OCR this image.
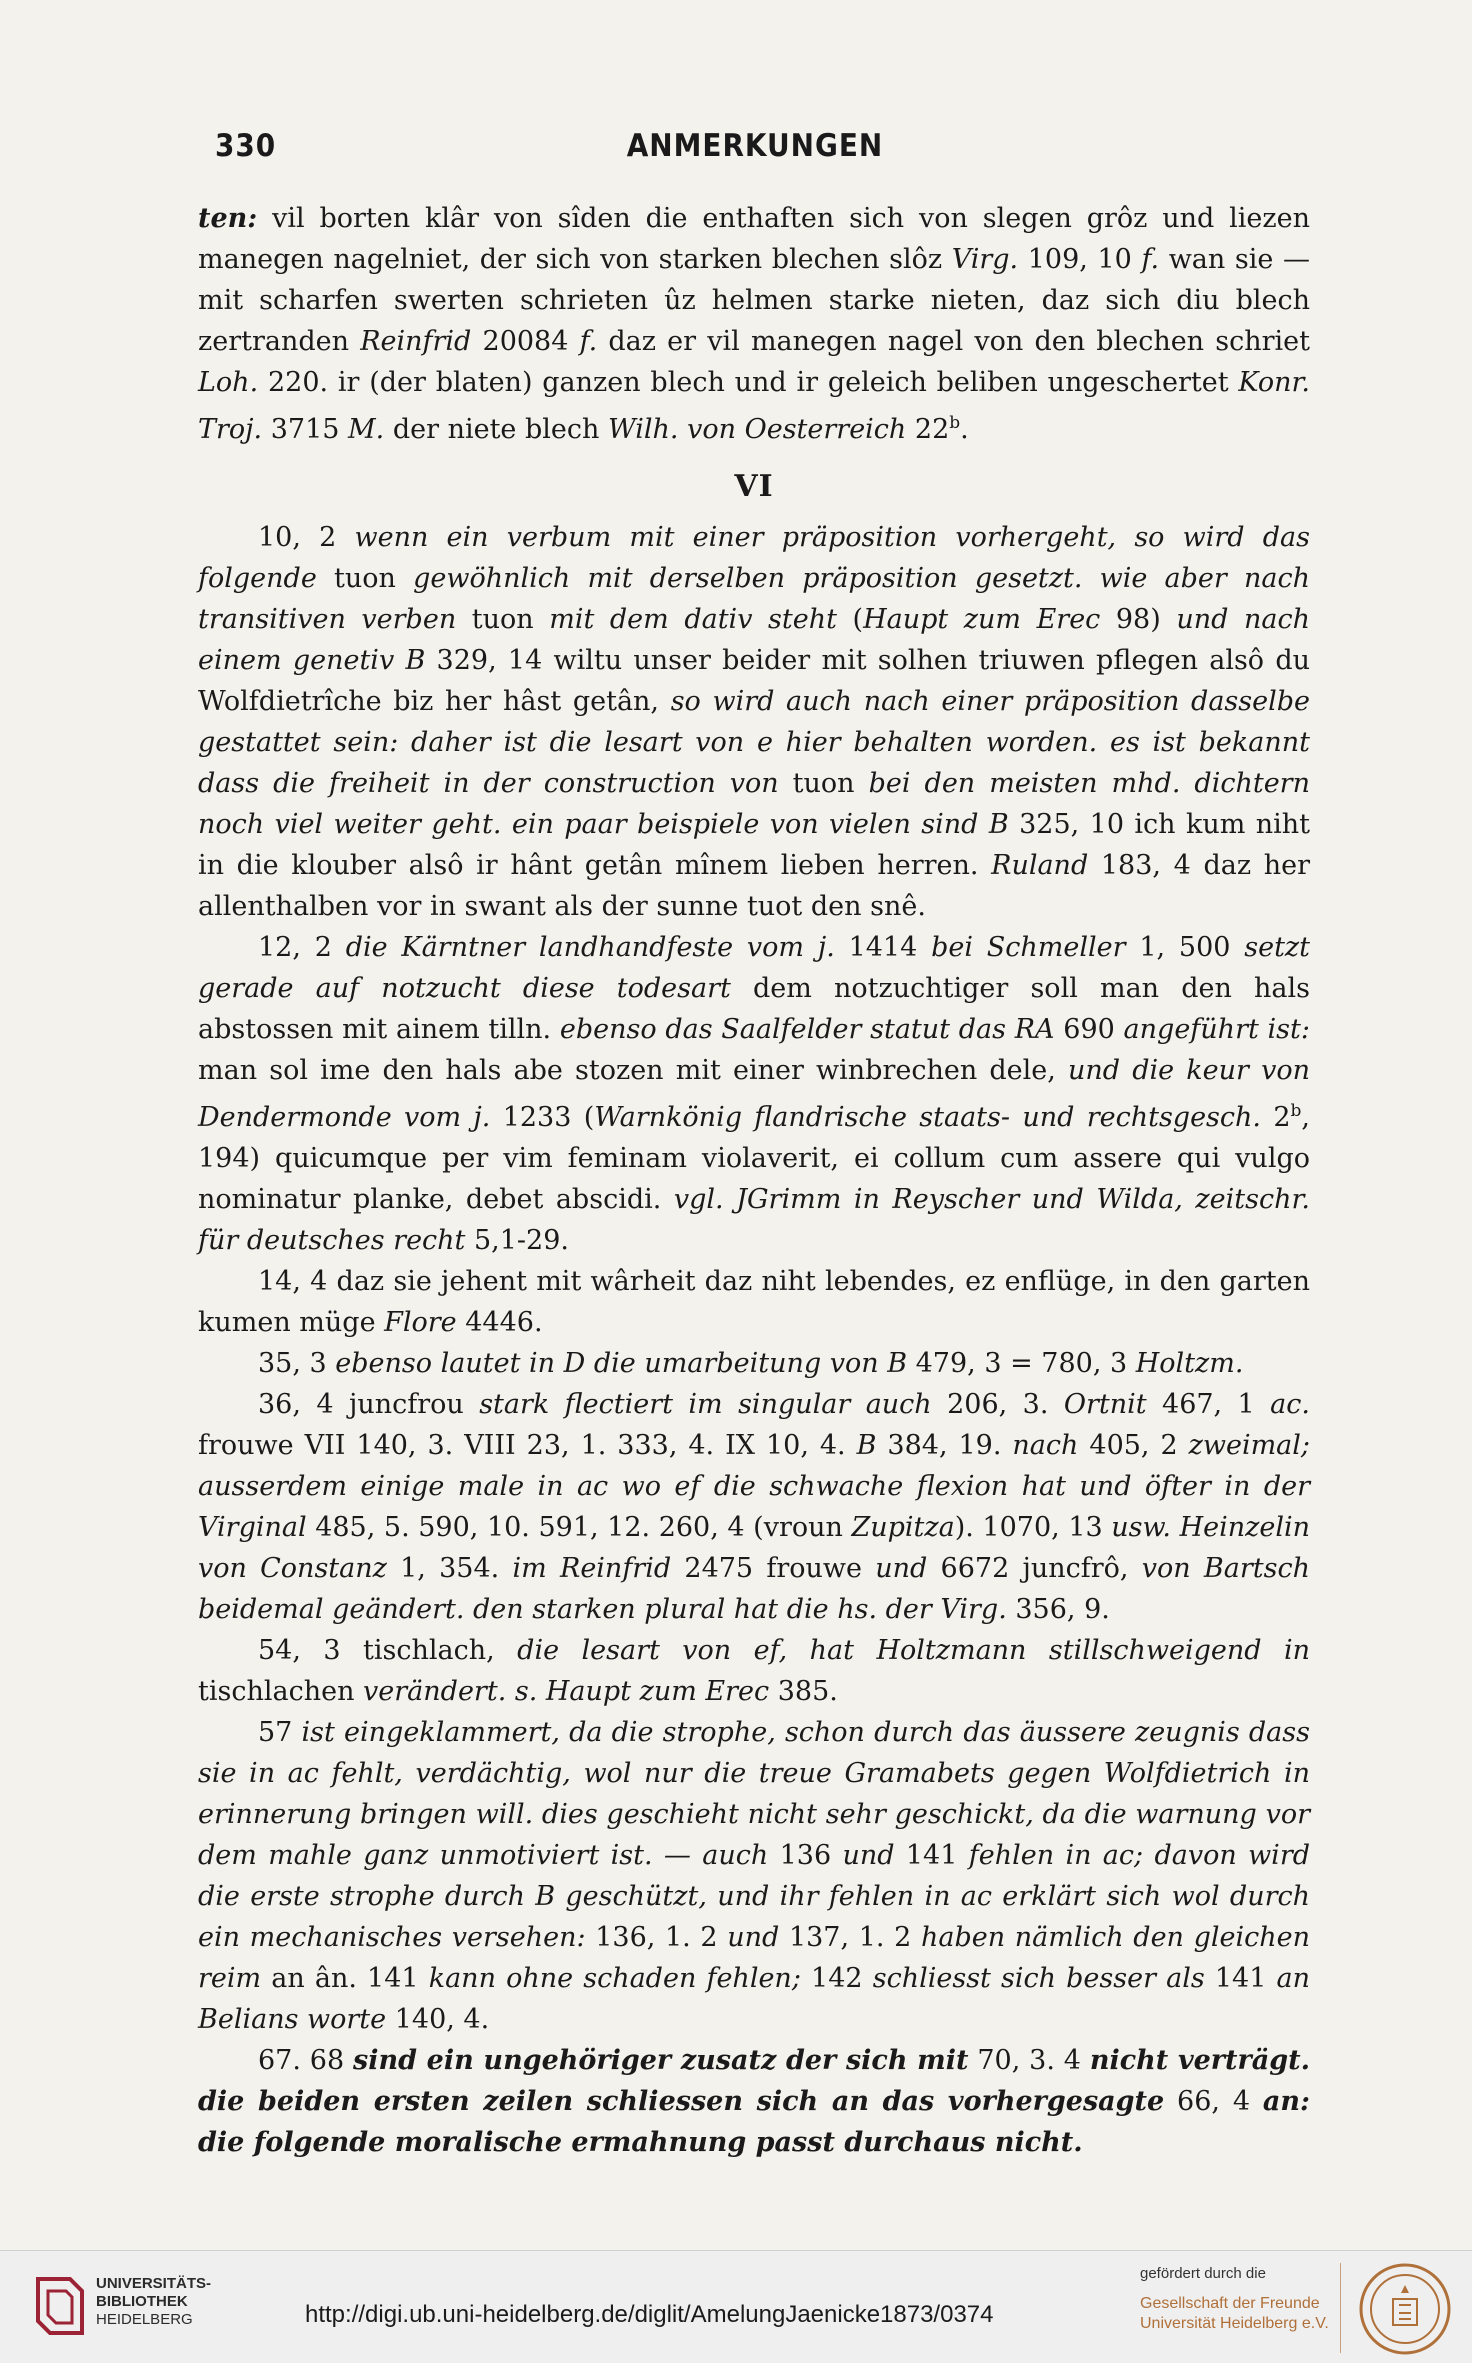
330	ANMERKUNGEN

ten: vil borten klâr von sîden die enthaften sich von slegen grôz und liezen manegen nagelniet, der sich von starken blechen slôz Virg. 109, 10 f. wan sie — mit scharfen swerten schrieten ûz helmen starke nieten, daz sich diu blech zertranden Reinfrid 20084 f. daz er vil manegen nagel von den blechen schriet Loh. 220. ir (der blaten) ganzen blech und ir geleich beliben ungeschertet Konr. Troj. 3715 M. der niete blech Wilh. von Oesterreich 22$^b$.

VI

10, 2 wenn ein verbum mit einer präposition vorhergeht, so wird das folgende tuon gewöhnlich mit derselben präposition gesetzt. wie aber nach transitiven verben tuon mit dem dativ steht (Haupt zum Erec 98) und nach einem genetiv B 329, 14 wiltu unser beider mit solhen triuwen pflegen alsô du Wolfdietrîche biz her hâst getân, so wird auch nach einer präposition dasselbe gestattet sein: daher ist die lesart von e hier behalten worden. es ist bekannt dass die freiheit in der construction von tuon bei den meisten mhd. dichtern noch viel weiter geht. ein paar beispiele von vielen sind B 325, 10 ich kum niht in die klouber alsô ir hânt getân mînem lieben herren. Ruland 183, 4 daz her allenthalben vor in swant als der sunne tuot den snê.

12, 2 die Kärntner landhandfeste vom j. 1414 bei Schmeller 1, 500 setzt gerade auf notzucht diese todesart dem notzuchtiger soll man den hals abstossen mit ainem tilln. ebenso das Saalfelder statut das RA 690 angeführt ist: man sol ime den hals abe stozen mit einer winbrechen dele, und die keur von Dendermonde vom j. 1233 (Warnkönig flandrische staats- und rechtsgesch. 2$^b$, 194) quicumque per vim feminam violaverit, ei collum cum assere qui vulgo nominatur planke, debet abscidi. vgl. JGrimm in Reyscher und Wilda, zeitschr. für deutsches recht 5,1-29.

14, 4 daz sie jehent mit wârheit daz niht lebendes, ez enflüge, in den garten kumen müge Flore 4446.

35, 3 ebenso lautet in D die umarbeitung von B 479, 3 = 780, 3 Holtzm.

36, 4 juncfrou stark flectiert im singular auch 206, 3. Ortnit 467, 1 ac. frouwe VII 140, 3. VIII 23, 1. 333, 4. IX 10, 4. B 384, 19. nach 405, 2 zweimal; ausserdem einige male in ac wo ef die schwache flexion hat und öfter in der Virginal 485, 5. 590, 10. 591, 12. 260, 4 (vroun Zupitza). 1070, 13 usw. Heinzelin von Constanz 1, 354. im Reinfrid 2475 frouwe und 6672 juncfrô, von Bartsch beidemal geändert. den starken plural hat die hs. der Virg. 356, 9.

54, 3 tischlach, die lesart von ef, hat Holtzmann stillschweigend in tischlachen verändert. s. Haupt zum Erec 385.

57 ist eingeklammert, da die strophe, schon durch das äussere zeugnis dass sie in ac fehlt, verdächtig, wol nur die treue Gramabets gegen Wolfdietrich in erinnerung bringen will. dies geschieht nicht sehr geschickt, da die warnung vor dem mahle ganz unmotiviert ist. — auch 136 und 141 fehlen in ac; davon wird die erste strophe durch B geschützt, und ihr fehlen in ac erklärt sich wol durch ein mechanisches versehen: 136, 1. 2 und 137, 1. 2 haben nämlich den gleichen reim an ân. 141 kann ohne schaden fehlen; 142 schliesst sich besser als 141 an Belians worte 140, 4.

67. 68 sind ein ungehöriger zusatz der sich mit 70, 3. 4 nicht verträgt. die beiden ersten zeilen schliessen sich an das vorhergesagte 66, 4 an: die folgende moralische ermahnung passt durchaus nicht.

UNIVERSITÄTS-
BIBLIOTHEK
HEIDELBERG	http://digi.ub.uni-heidelberg.de/diglit/AmelungJaenicke1873/0374
gefördert durch die
Gesellschaft der Freunde
Universität Heidelberg e.V.
